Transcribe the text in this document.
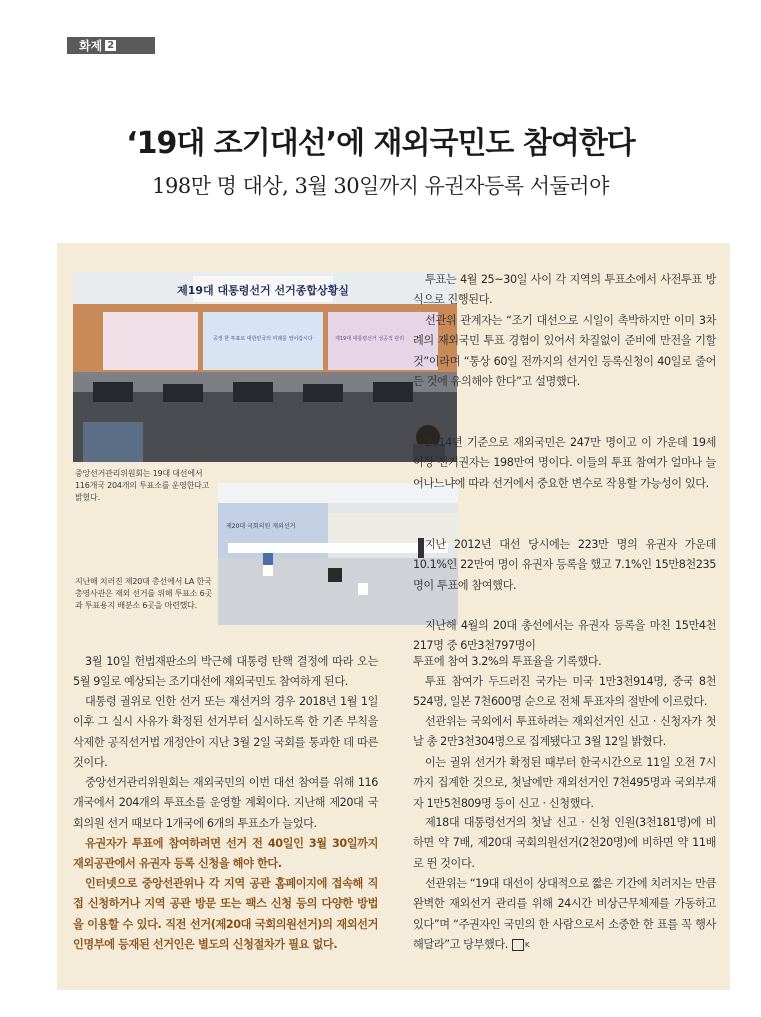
화제 2
‘19대 조기대선’에 재외국민도 참여한다
198만 명 대상, 3월 30일까지 유권자등록 서둘러야
제19대 대통령선거 선거종합상황실
공정 한 투표로 대한민국의 미래를 열어갑시다	제19대 대통령선거 성공적 관리
중앙선거관리위원회는 19대 대선에서 116개국 204개의 투표소를 운영한다고 밝혔다.
제20대 국회의원 재외선거
지난해 치러진 제20대 총선에서 LA 한국 총영사관은 재외 선거를 위해 투표소 6곳과 투표용지 배분소 6곳을 마련했다.

투표는 4월 25~30일 사이 각 지역의 투표소에서 사전투표 방식으로 진행된다.

선관위 관계자는 “조기 대선으로 시일이 촉박하지만 이미 3차례의 재외국민 투표 경험이 있어서 차질없이 준비에 만전을 기할 것”이라며 “통상 60일 전까지의 선거인 등록신청이 40일로 줄어든 것에 유의해야 한다”고 설명했다.

2014년 기준으로 재외국민은 247만 명이고 이 가운데 19세 이상 선거권자는 198만여 명이다. 이들의 투표 참여가 얼마나 늘어나느냐에 따라 선거에서 중요한 변수로 작용할 가능성이 있다.

지난 2012년 대선 당시에는 223만 명의 유권자 가운데 10.1%인 22만여 명이 유권자 등록을 했고 7.1%인 15만8천235명이 투표에 참여했다.

지난해 4월의 20대 총선에서는 유권자 등록을 마친 15만4천217명 중 6만3천797명이

3월 10일 헌법재판소의 박근혜 대통령 탄핵 결정에 따라 오는 5월 9일로 예상되는 조기대선에 재외국민도 참여하게 된다.

대통령 궐위로 인한 선거 또는 재선거의 경우 2018년 1월 1일 이후 그 실시 사유가 확정된 선거부터 실시하도록 한 기존 부칙을 삭제한 공직선거법 개정안이 지난 3월 2일 국회를 통과한 데 따른 것이다.

중앙선거관리위원회는 재외국민의 이번 대선 참여를 위해 116개국에서 204개의 투표소를 운영할 계획이다. 지난해 제20대 국회의원 선거 때보다 1개국에 6개의 투표소가 늘었다.

유권자가 투표에 참여하려면 선거 전 40일인 3월 30일까지 재외공관에서 유권자 등록 신청을 해야 한다.

인터넷으로 중앙선관위나 각 지역 공관 홈페이지에 접속해 직접 신청하거나 지역 공관 방문 또는 팩스 신청 등의 다양한 방법을 이용할 수 있다. 직전 선거(제20대 국회의원선거)의 재외선거인명부에 등재된 선거인은 별도의 신청절차가 필요 없다.

투표에 참여 3.2%의 투표율을 기록했다.

투표 참여가 두드러진 국가는 미국 1만3천914명, 중국 8천524명, 일본 7천600명 순으로 전체 투표자의 절반에 이르렀다.

선관위는 국외에서 투표하려는 재외선거인 신고 · 신청자가 첫날 총 2만3천304명으로 집계됐다고 3월 12일 밝혔다.

이는 궐위 선거가 확정된 때부터 한국시간으로 11일 오전 7시까지 집계한 것으로, 첫날에만 재외선거인 7천495명과 국외부재자 1만5천809명 등이 신고 · 신청했다.

제18대 대통령선거의 첫날 신고 · 신청 인원(3천181명)에 비하면 약 7배, 제20대 국회의원선거(2천20명)에 비하면 약 11배로 뛴 것이다.

선관위는 “19대 대선이 상대적으로 짧은 기간에 치러지는 만큼 완벽한 재외선거 관리를 위해 24시간 비상근무체제를 가동하고 있다”며 “주권자인 국민의 한 사람으로서 소중한 한 표를 꼭 행사해달라”고 당부했다. K
